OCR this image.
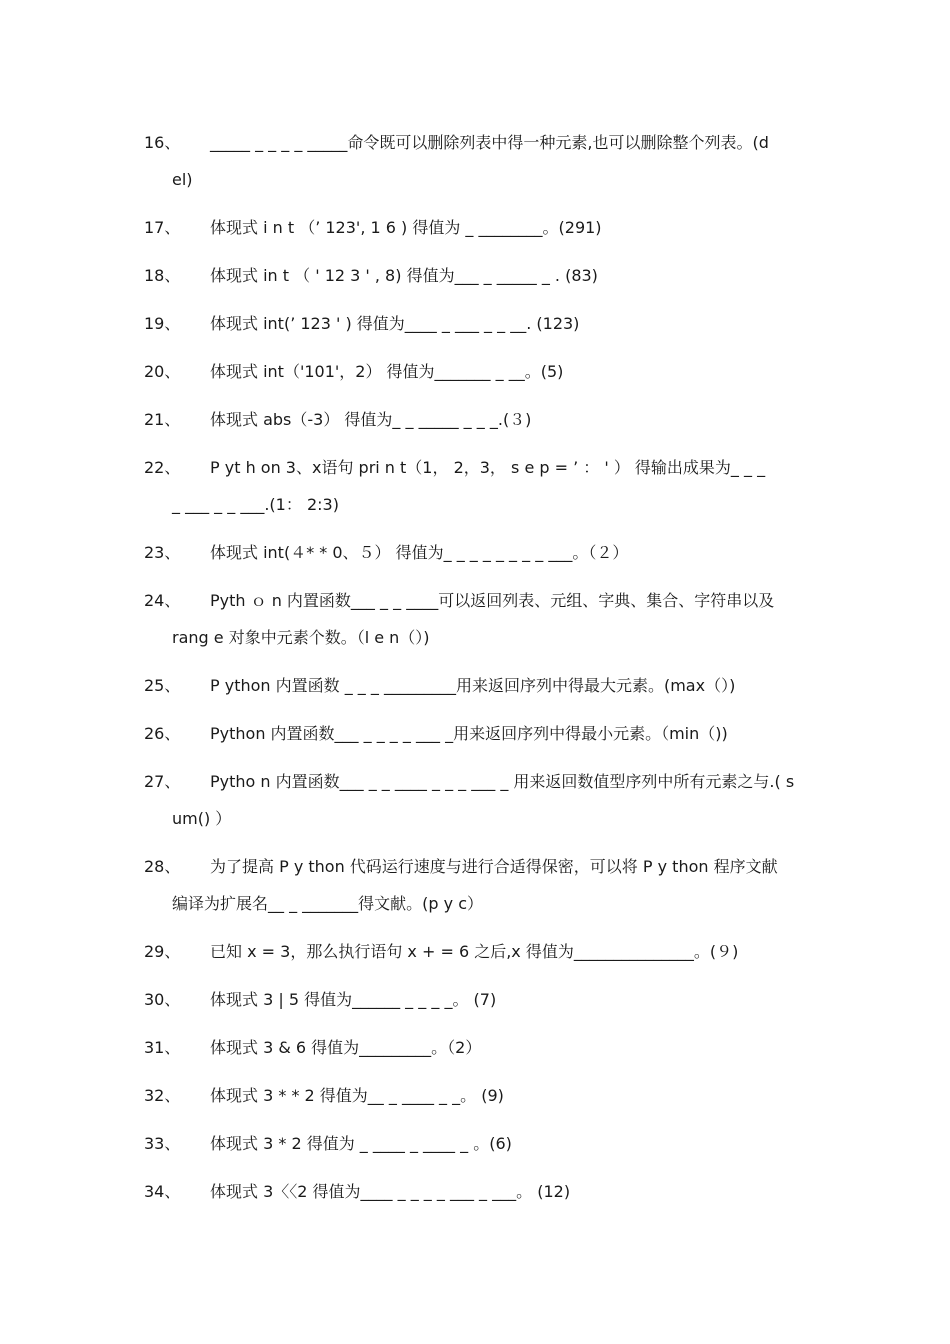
16、	_____ _ _ _ _ _____命令既可以删除列表中得一种元素,也可以删除整个列表。(d
el)
17、	体现式 i n t （’ 123', 1 6 ) 得值为 _ ________。(291)
18、	体现式 in t （ ' 12 3 ' , 8) 得值为___ _ _____ _ . (83)
19、	体现式 int(’ 123 ' ) 得值为____ _ ___ _ _ __. (123)
20、	体现式 int（'101'，2） 得值为_______ _ __。(5)
21、	体现式 abs（-3） 得值为_ _ _____ _ _ _.(３)
22、	P yt h on 3、x语句 pri n t（1， 2，3， s e p = ’ ： ' ） 得输出成果为_ _ _
_ ___ _ _ ___.(1： 2:3)
23、	体现式 int(４* * 0、５） 得值为_ _ _ _ _ _ _ _ ___。（２）
24、	Pyth ｏ n 内置函数___ _ _ ____可以返回列表、元组、字典、集合、字符串以及
rang e 对象中元素个数。（l e n（）)
25、	P ython 内置函数 _ _ _ _________用来返回序列中得最大元素。(max（）)
26、	Python 内置函数___ _ _ _ _ ___ _用来返回序列中得最小元素。（min（))
27、	Pytho n 内置函数___ _ _ ____ _ _ _ ___ _ 用来返回数值型序列中所有元素之与.( s
um() ）
28、	为了提高 P y thon 代码运行速度与进行合适得保密，可以将 P y thon 程序文献
编译为扩展名__ _ _______得文献。(p y c）
29、	已知 x = 3，那么执行语句 x + = 6 之后,x 得值为_______________。(９)
30、	体现式 3 | 5 得值为______ _ _ _ _。 (7)
31、	体现式 3 & 6 得值为_________。（2）
32、	体现式 3 * * 2 得值为__ _ ____ _ _。 (9)
33、	体现式 3 * 2 得值为 _ ____ _ ____ _ 。(6)
34、	体现式 3〈〈2 得值为____ _ _ _ _ ___ _ ___。 (12)
